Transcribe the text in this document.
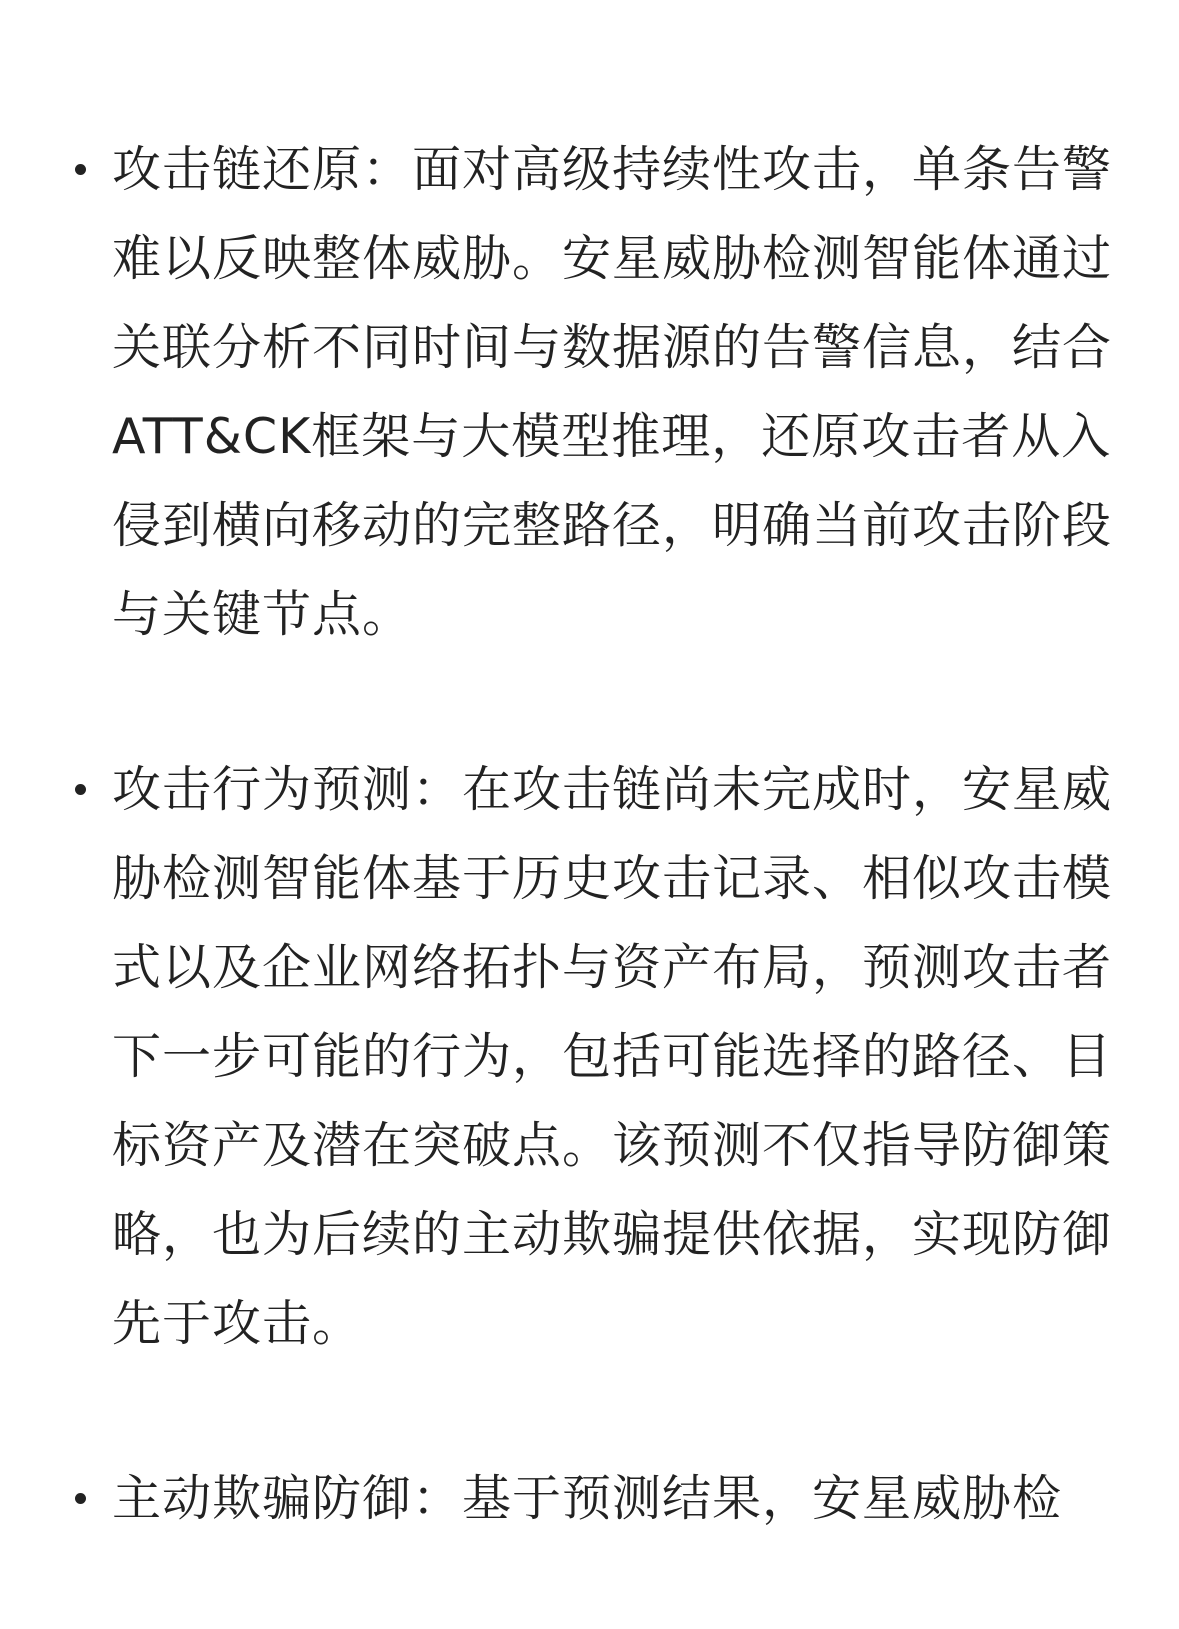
攻击链还原：面对高级持续性攻击，单条告警难以反映整体威胁。安星威胁检测智能体通过关联分析不同时间与数据源的告警信息，结合ATT&CK框架与大模型推理，还原攻击者从入侵到横向移动的完整路径，明确当前攻击阶段与关键节点。
攻击行为预测：在攻击链尚未完成时，安星威胁检测智能体基于历史攻击记录、相似攻击模式以及企业网络拓扑与资产布局，预测攻击者下一步可能的行为，包括可能选择的路径、目标资产及潜在突破点。该预测不仅指导防御策略，也为后续的主动欺骗提供依据，实现防御先于攻击。
主动欺骗防御：基于预测结果，安星威胁检
